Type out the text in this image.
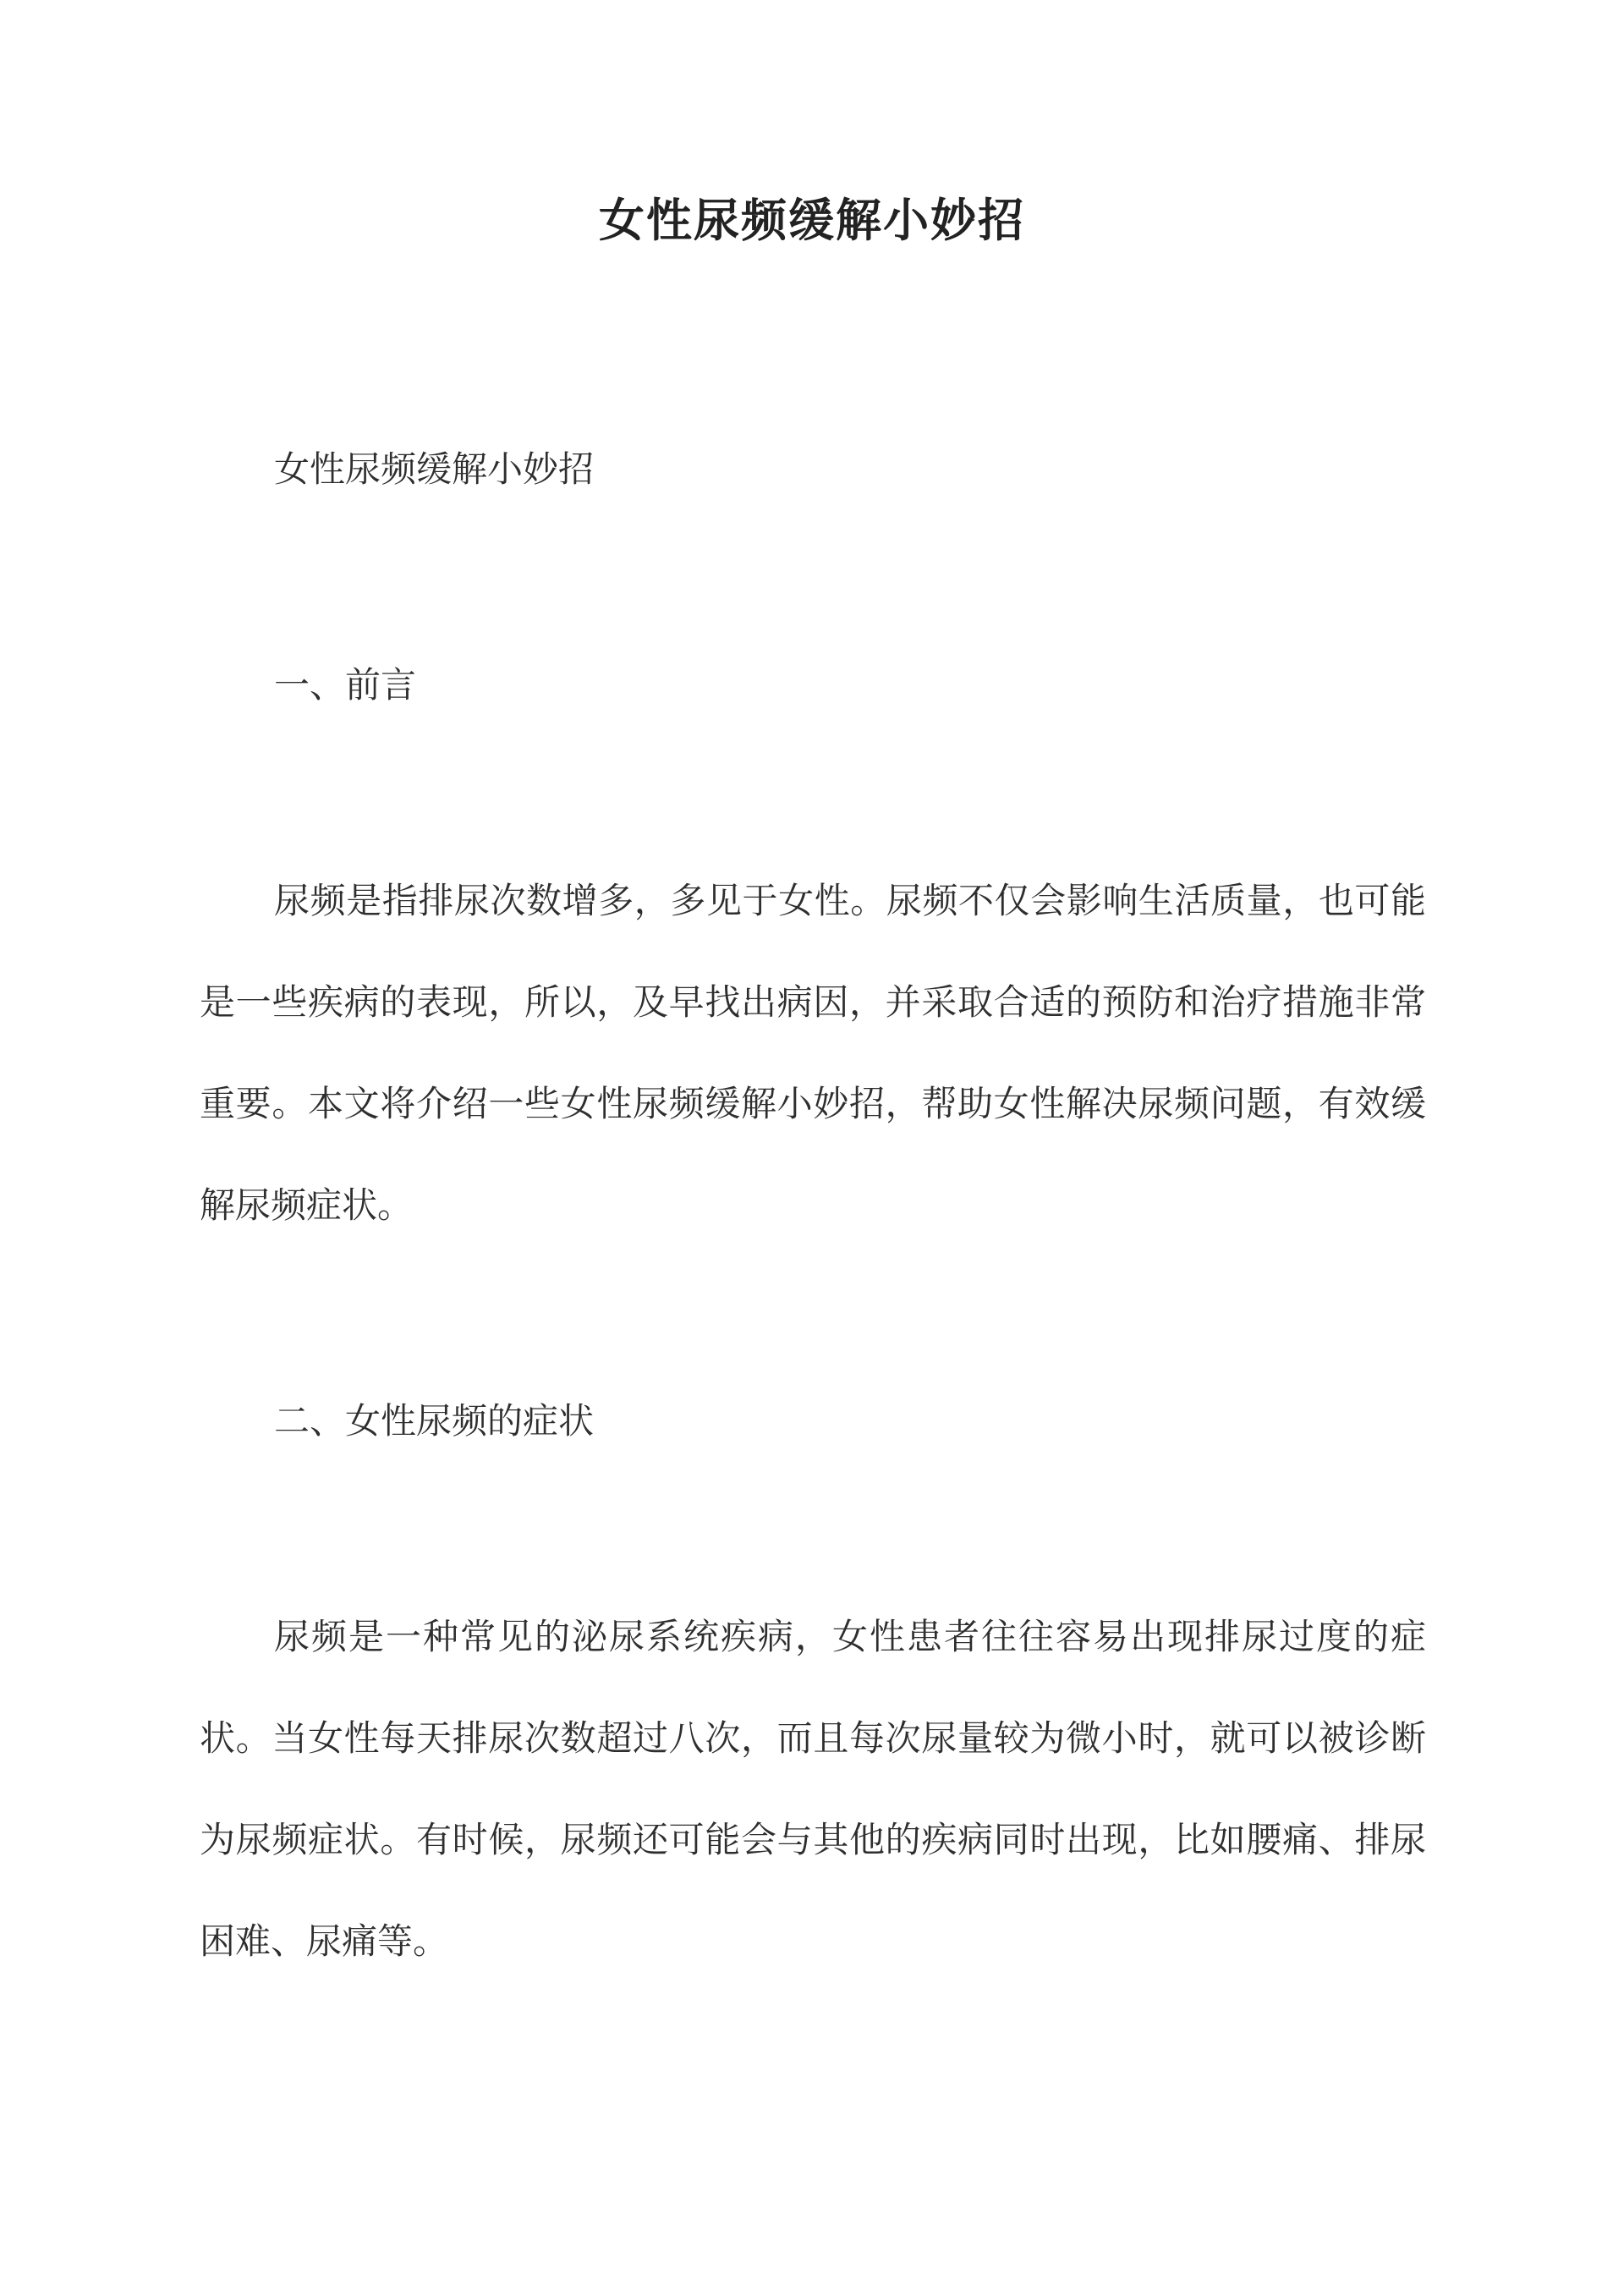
女性尿频缓解小妙招

女性尿频缓解小妙招

一、前言

尿频是指排尿次数增多，多见于女性。尿频不仅会影响生活质量，也可能是一些疾病的表现，所以，及早找出病因，并采取合适的预防和治疗措施非常重要。本文将介绍一些女性尿频缓解小妙招，帮助女性解决尿频问题，有效缓解尿频症状。

二、女性尿频的症状

尿频是一种常见的泌尿系统疾病，女性患者往往容易出现排尿过度的症状。当女性每天排尿次数超过八次，而且每次尿量较为微小时，就可以被诊断为尿频症状。有时候，尿频还可能会与其他的疾病同时出现，比如腰痛、排尿困难、尿痛等。
